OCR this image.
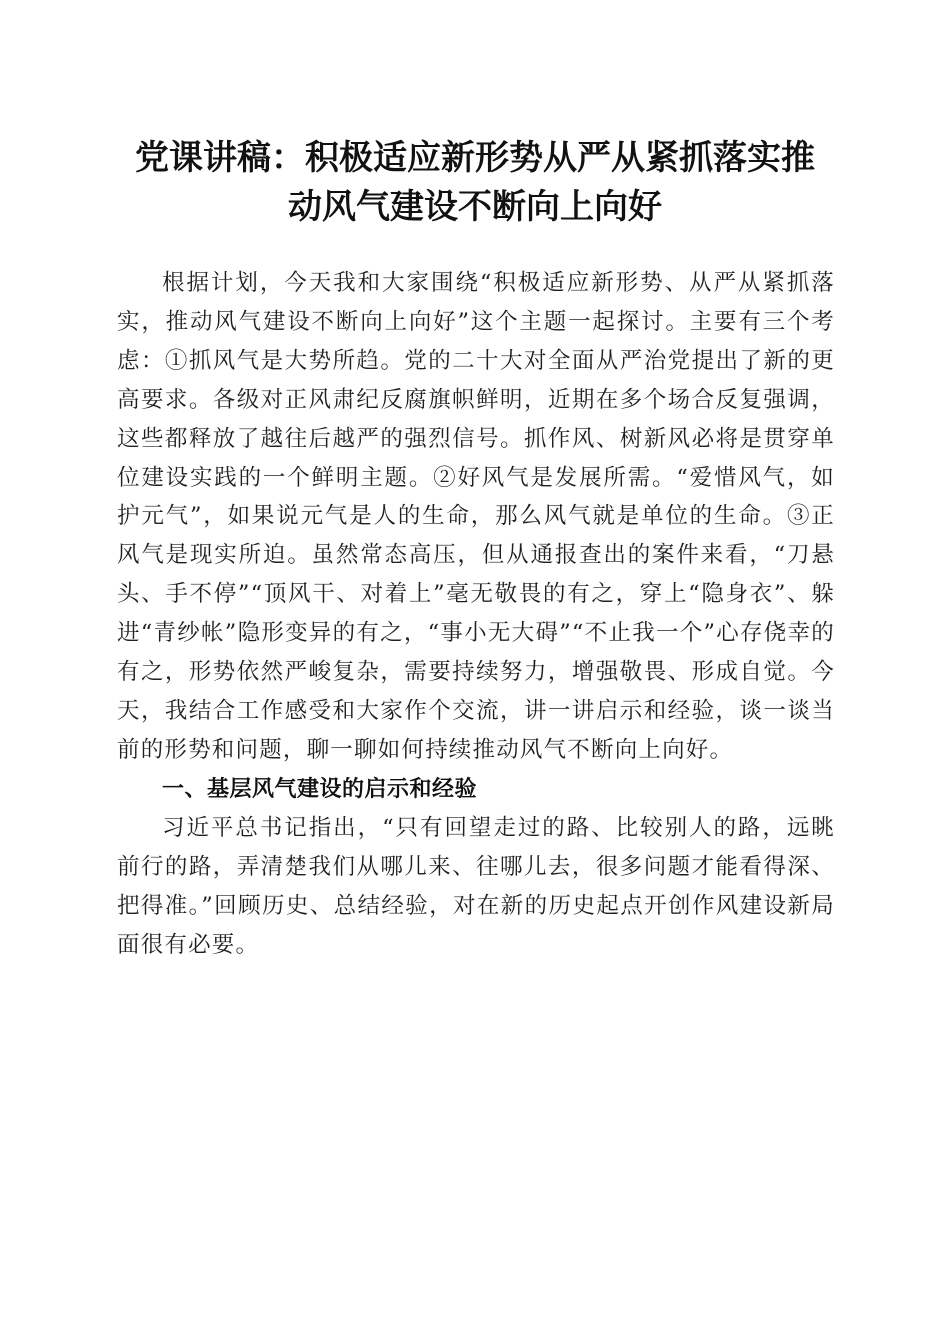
党课讲稿：积极适应新形势从严从紧抓落实推
动风气建设不断向上向好

根据计划，今天我和大家围绕“积极适应新形势、从严从紧抓落实，推动风气建设不断向上向好”这个主题一起探讨。主要有三个考虑：①抓风气是大势所趋。党的二十大对全面从严治党提出了新的更高要求。各级对正风肃纪反腐旗帜鲜明，近期在多个场合反复强调，这些都释放了越往后越严的强烈信号。抓作风、树新风必将是贯穿单位建设实践的一个鲜明主题。②好风气是发展所需。“爱惜风气，如护元气”，如果说元气是人的生命，那么风气就是单位的生命。③正风气是现实所迫。虽然常态高压，但从通报查出的案件来看，“刀悬头、手不停”“顶风干、对着上”毫无敬畏的有之，穿上“隐身衣”、躲进“青纱帐”隐形变异的有之，“事小无大碍”“不止我一个”心存侥幸的有之，形势依然严峻复杂，需要持续努力，增强敬畏、形成自觉。今天，我结合工作感受和大家作个交流，讲一讲启示和经验，谈一谈当前的形势和问题，聊一聊如何持续推动风气不断向上向好。

一、基层风气建设的启示和经验

习近平总书记指出，“只有回望走过的路、比较别人的路，远眺前行的路，弄清楚我们从哪儿来、往哪儿去，很多问题才能看得深、把得准。”回顾历史、总结经验，对在新的历史起点开创作风建设新局面很有必要。
